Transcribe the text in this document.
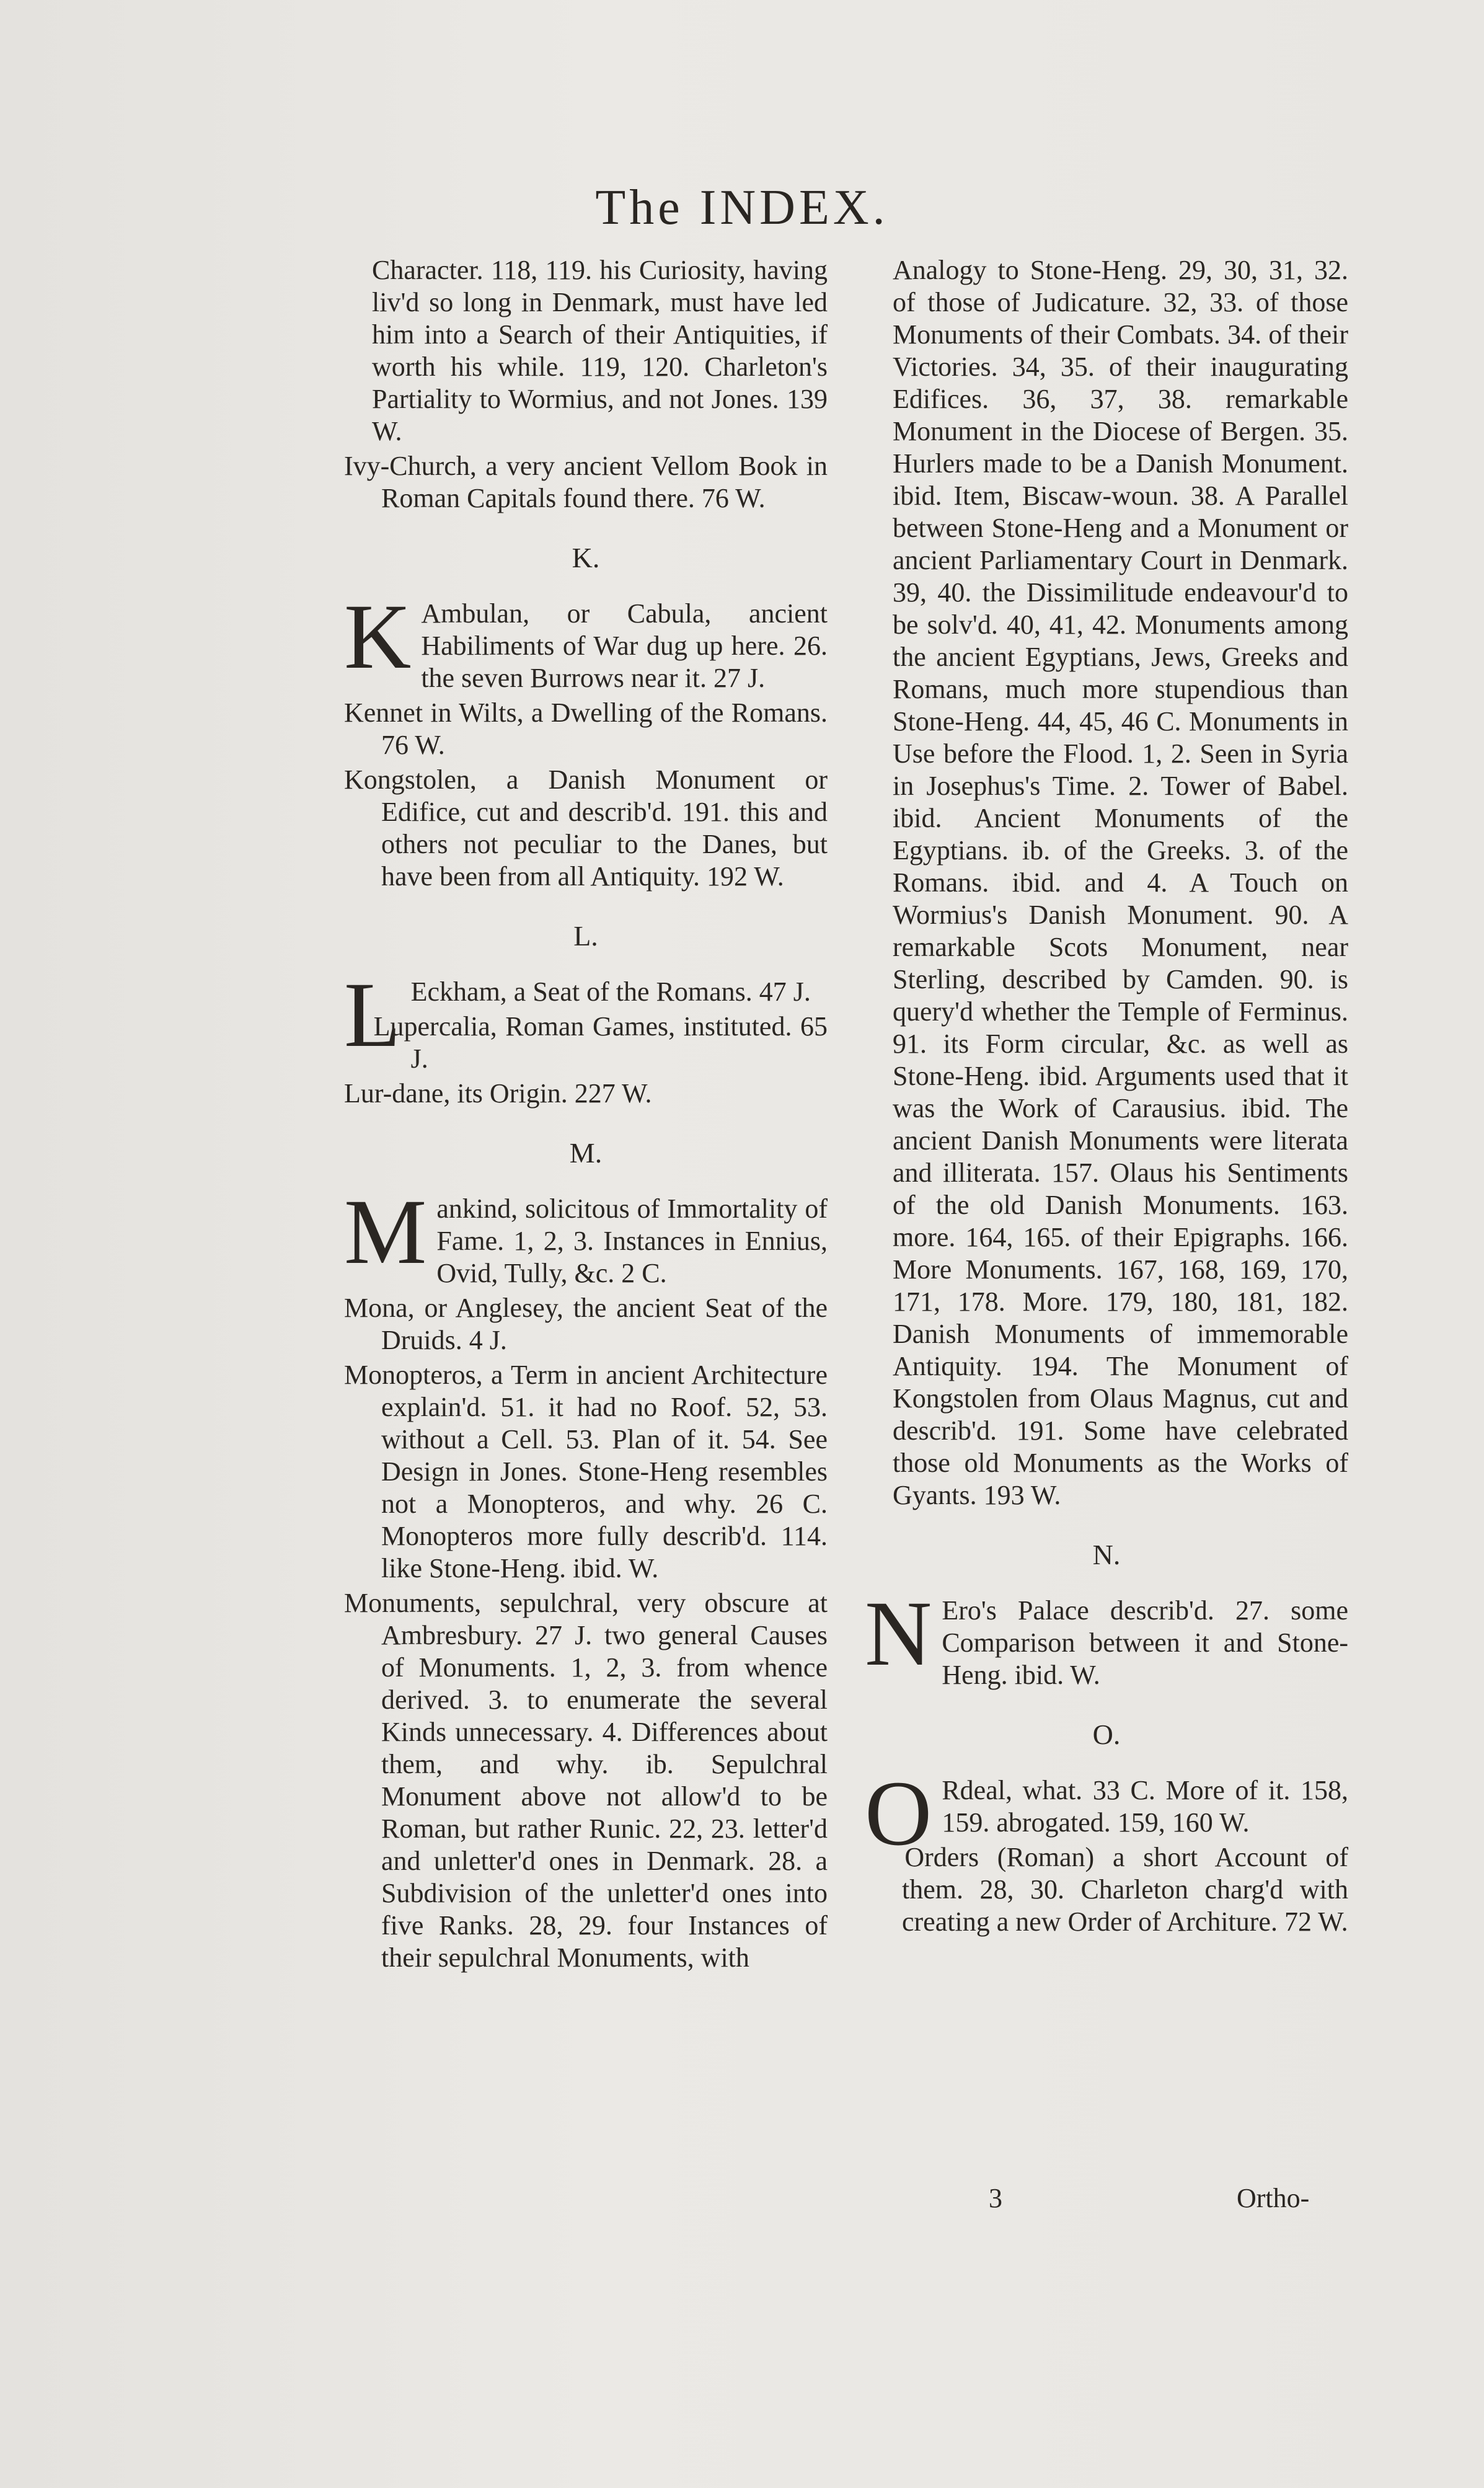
The INDEX.

Character. 118, 119. his Curiosity, having liv'd so long in Denmark, must have led him into a Search of their Antiquities, if worth his while. 119, 120. Charleton's Partiality to Wormius, and not Jones. 139 W.

Ivy-Church, a very ancient Vellom Book in Roman Capitals found there. 76 W.

K.

K Ambulan, or Cabula, ancient Habiliments of War dug up here. 26. the seven Burrows near it. 27 J.

Kennet in Wilts, a Dwelling of the Romans. 76 W.

Kongstolen, a Danish Monument or Edifice, cut and describ'd. 191. this and others not peculiar to the Danes, but have been from all Antiquity. 192 W.

L.

L Eckham, a Seat of the Romans. 47 J.

Lupercalia, Roman Games, instituted. 65 J.

Lur-dane, its Origin. 227 W.

M.

M ankind, solicitous of Immortality of Fame. 1, 2, 3. Instances in Ennius, Ovid, Tully, &c. 2 C.

Mona, or Anglesey, the ancient Seat of the Druids. 4 J.

Monopteros, a Term in ancient Architecture explain'd. 51. it had no Roof. 52, 53. without a Cell. 53. Plan of it. 54. See Design in Jones. Stone-Heng resembles not a Monopteros, and why. 26 C. Monopteros more fully describ'd. 114. like Stone-Heng. ibid. W.

Monuments, sepulchral, very obscure at Ambresbury. 27 J. two general Causes of Monuments. 1, 2, 3. from whence derived. 3. to enumerate the several Kinds unnecessary. 4. Differences about them, and why. ib. Sepulchral Monument above not allow'd to be Roman, but rather Runic. 22, 23. letter'd and unletter'd ones in Denmark. 28. a Subdivision of the unletter'd ones into five Ranks. 28, 29. four Instances of their sepulchral Monuments, with

Analogy to Stone-Heng. 29, 30, 31, 32. of those of Judicature. 32, 33. of those Monuments of their Combats. 34. of their Victories. 34, 35. of their inaugurating Edifices. 36, 37, 38. remarkable Monument in the Diocese of Bergen. 35. Hurlers made to be a Danish Monument. ibid. Item, Biscaw-woun. 38. A Parallel between Stone-Heng and a Monument or ancient Parliamentary Court in Denmark. 39, 40. the Dissimilitude endeavour'd to be solv'd. 40, 41, 42. Monuments among the ancient Egyptians, Jews, Greeks and Romans, much more stupendious than Stone-Heng. 44, 45, 46 C. Monuments in Use before the Flood. 1, 2. Seen in Syria in Josephus's Time. 2. Tower of Babel. ibid. Ancient Monuments of the Egyptians. ib. of the Greeks. 3. of the Romans. ibid. and 4. A Touch on Wormius's Danish Monument. 90. A remarkable Scots Monument, near Sterling, described by Camden. 90. is query'd whether the Temple of Ferminus. 91. its Form circular, &c. as well as Stone-Heng. ibid. Arguments used that it was the Work of Carausius. ibid. The ancient Danish Monuments were literata and illiterata. 157. Olaus his Sentiments of the old Danish Monuments. 163. more. 164, 165. of their Epigraphs. 166. More Monuments. 167, 168, 169, 170, 171, 178. More. 179, 180, 181, 182. Danish Monuments of immemorable Antiquity. 194. The Monument of Kongstolen from Olaus Magnus, cut and describ'd. 191. Some have celebrated those old Monuments as the Works of Gyants. 193 W.

N.

N Ero's Palace describ'd. 27. some Comparison between it and Stone-Heng. ibid. W.

O.

O Rdeal, what. 33 C. More of it. 158, 159. abrogated. 159, 160 W.

Orders (Roman) a short Account of them. 28, 30. Charleton charg'd with creating a new Order of Architure. 72 W.

3	Ortho-
